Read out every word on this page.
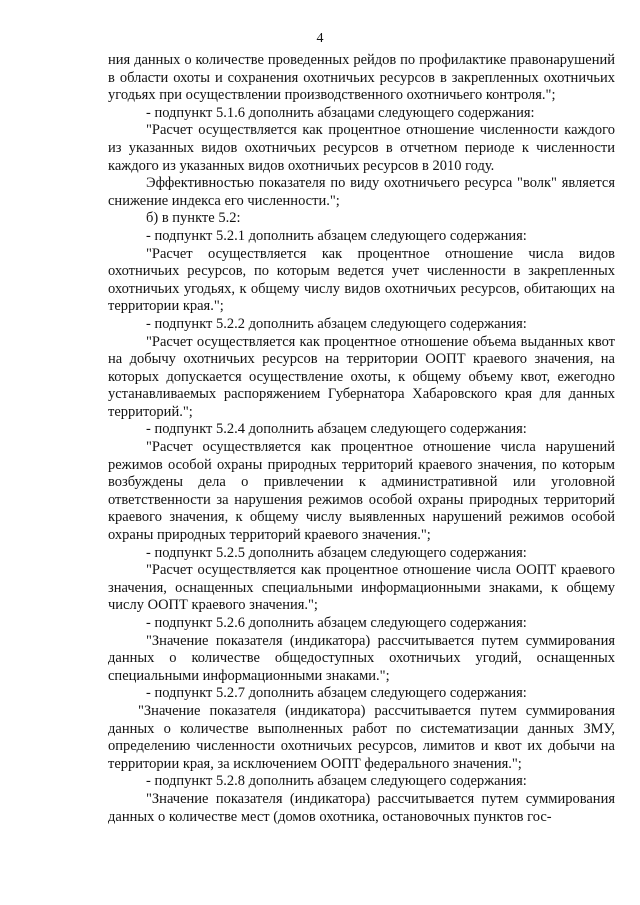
4

ния данных о количестве проведенных рейдов по профилактике правонарушений в области охоты и сохранения охотничьих ресурсов в закрепленных охотничьих угодьях при осуществлении производственного охотничьего контроля.";

- подпункт 5.1.6 дополнить абзацами следующего содержания:

"Расчет осуществляется как процентное отношение численности каждого из указанных видов охотничьих ресурсов в отчетном периоде к численности каждого из указанных видов охотничьих ресурсов в 2010 году.

Эффективностью показателя по виду охотничьего ресурса "волк" является снижение индекса его численности.";

б) в пункте 5.2:

- подпункт 5.2.1 дополнить абзацем следующего содержания:

"Расчет осуществляется как процентное отношение числа видов охотничьих ресурсов, по которым ведется учет численности в закрепленных охотничьих угодьях, к общему числу видов охотничьих ресурсов, обитающих на территории края.";

- подпункт 5.2.2 дополнить абзацем следующего содержания:

"Расчет осуществляется как процентное отношение объема выданных квот на добычу охотничьих ресурсов на территории ООПТ краевого значения, на которых допускается осуществление охоты, к общему объему квот, ежегодно устанавливаемых распоряжением Губернатора Хабаровского края для данных территорий.";

- подпункт 5.2.4 дополнить абзацем следующего содержания:

"Расчет осуществляется как процентное отношение числа нарушений режимов особой охраны природных территорий краевого значения, по которым возбуждены дела о привлечении к административной или уголовной ответственности за нарушения режимов особой охраны природных территорий краевого значения, к общему числу выявленных нарушений режимов особой охраны природных территорий краевого значения.";

- подпункт 5.2.5 дополнить абзацем следующего содержания:

"Расчет осуществляется как процентное отношение числа ООПТ краевого значения, оснащенных специальными информационными знаками, к общему числу ООПТ краевого значения.";

- подпункт 5.2.6 дополнить абзацем следующего содержания:

"Значение показателя (индикатора) рассчитывается путем суммирования данных о количестве общедоступных охотничьих угодий, оснащенных специальными информационными знаками.";

- подпункт 5.2.7 дополнить абзацем следующего содержания:

"Значение показателя (индикатора) рассчитывается путем суммирования данных о количестве выполненных работ по систематизации данных ЗМУ, определению численности охотничьих ресурсов, лимитов и квот их добычи на территории края, за исключением ООПТ федерального значения.";

- подпункт 5.2.8 дополнить абзацем следующего содержания:

"Значение показателя (индикатора) рассчитывается путем суммирования данных о количестве мест (домов охотника, остановочных пунктов гос-
